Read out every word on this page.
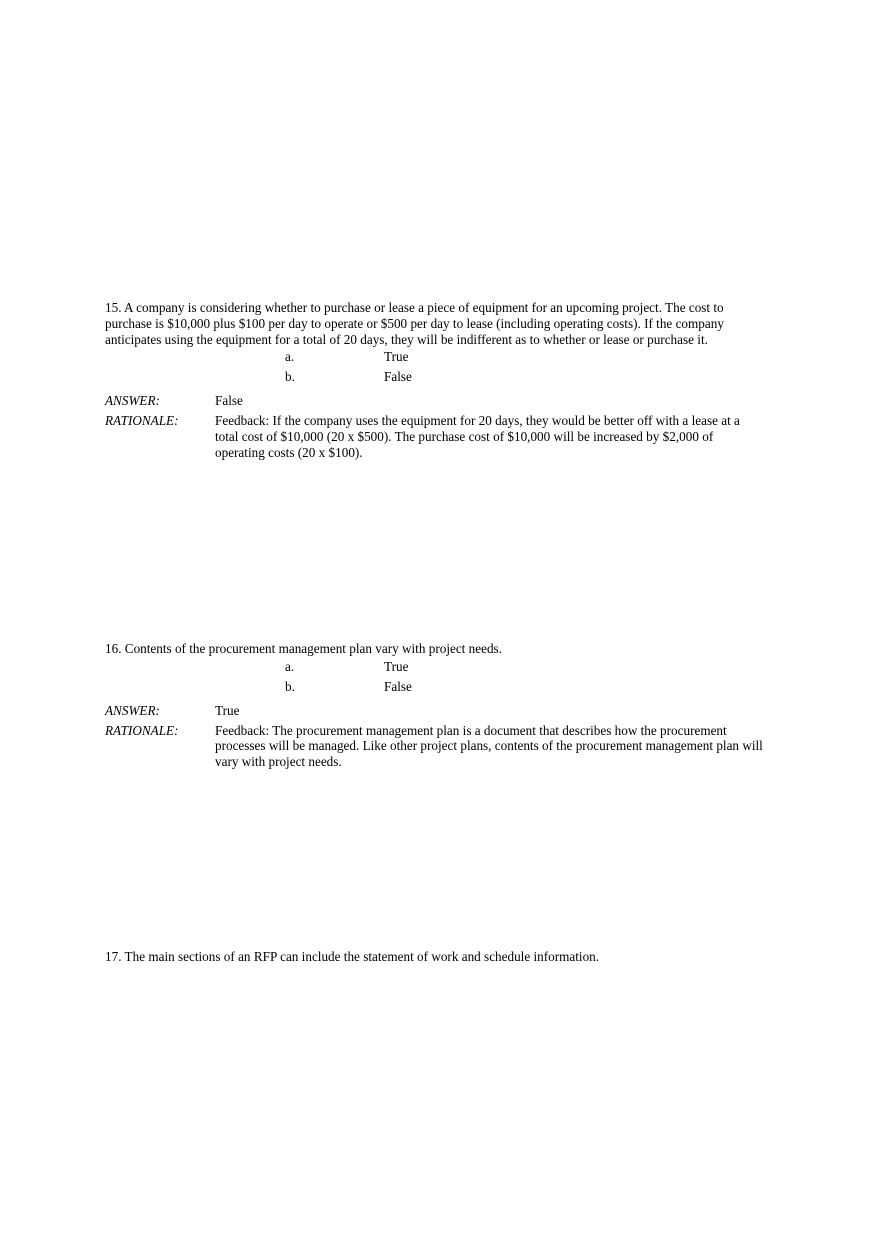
15. A company is considering whether to purchase or lease a piece of equipment for an upcoming project. The cost to purchase is $10,000 plus $100 per day to operate or $500 per day to lease (including operating costs). If the company anticipates using the equipment for a total of 20 days, they will be indifferent as to whether or lease or purchase it.

a.	True
b.	False
ANSWER:	False
RATIONALE:	Feedback: If the company uses the equipment for 20 days, they would be better off with a lease at a total cost of $10,000 (20 x $500). The purchase cost of $10,000 will be increased by $2,000 of operating costs (20 x $100).

16. Contents of the procurement management plan vary with project needs.

a.	True
b.	False
ANSWER:	True
RATIONALE:	Feedback: The procurement management plan is a document that describes how the procurement processes will be managed. Like other project plans, contents of the procurement management plan will vary with project needs.

17. The main sections of an RFP can include the statement of work and schedule information.
